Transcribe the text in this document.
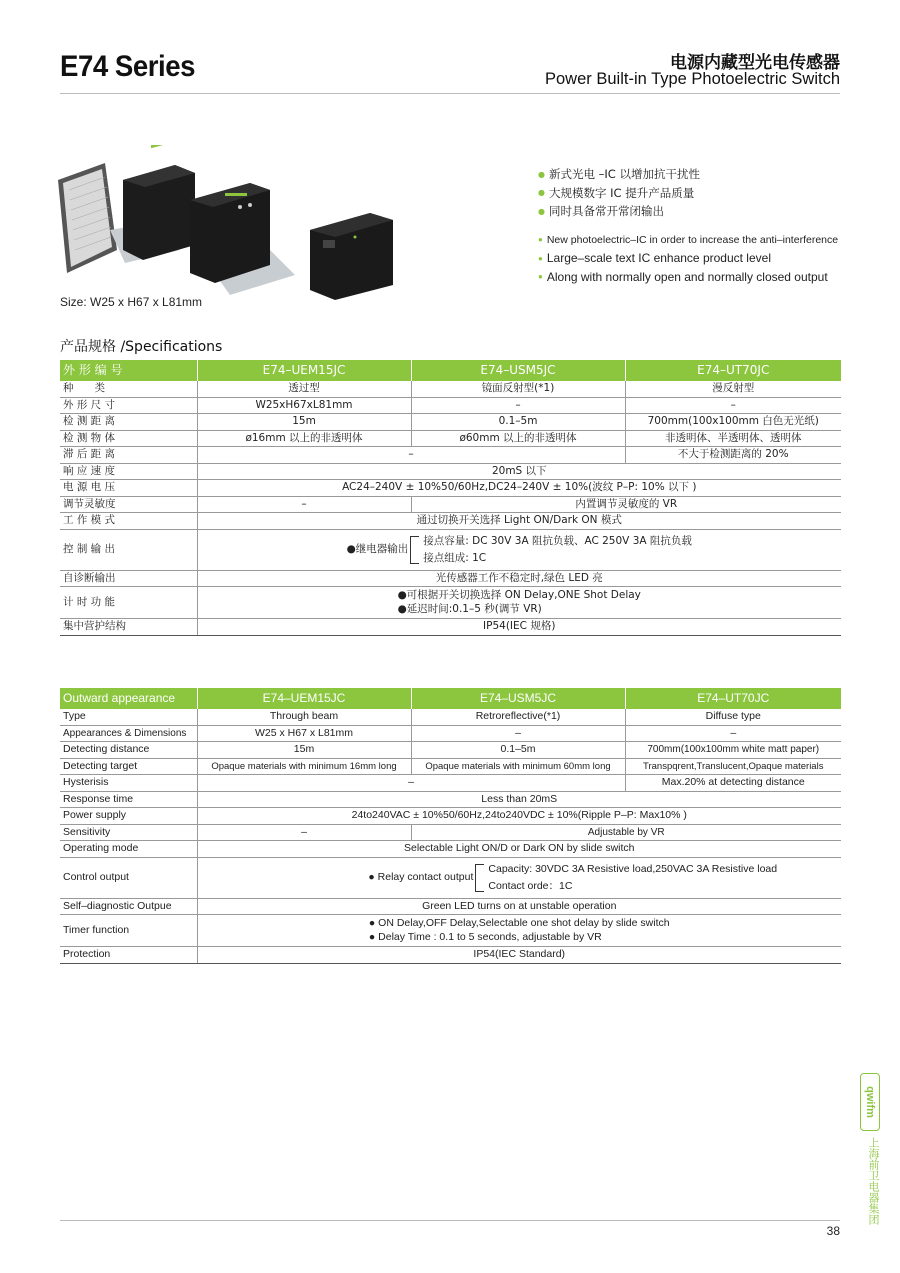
E74 Series	电源内藏型光电传感器
Power Built-in Type Photoelectric Switch
Size: W25 x H67 x L81mm
● 新式光电 –IC 以增加抗干扰性
● 大规模数字 IC 提升产品质量
● 同时具备常开常闭输出
● New photoelectric–IC in order to increase the anti–interference
● Large–scale text IC enhance product level
● Along with normally open and normally closed output
产品规格 /Specifications
外 形 编 号	E74–UEM15JC	E74–USM5JC	E74–UT70JC
种　　类	透过型	镜面反射型(*1)	漫反射型
外 形 尺 寸	W25xH67xL81mm	–	–
检 测 距 离	15m	0.1–5m	700mm(100x100mm 白色无光纸)
检 测 物 体	ø16mm 以上的非透明体	ø60mm 以上的非透明体	非透明体、半透明体、透明体
滞 后 距 离	–		不大于检测距离的 20%
响 应 速 度	20mS 以下		
电 源 电 压	AC24–240V ± 10%50/60Hz,DC24–240V ± 10%(波纹 P–P: 10% 以下 )		
调节灵敏度	–	内置调节灵敏度的 VR	
工 作 模 式	通过切换开关选择 Light ON/Dark ON 模式		
控 制 输 出	●继电器输出
接点容量: DC 30V 3A 阻抗负载、AC 250V 3A 阻抗负载
接点组成: 1C		

自诊断输出	光传感器工作不稳定时,绿色 LED 亮		
计 时 功 能	●可根据开关切换选择 ON Delay,ONE Shot Delay
●延迟时间:0.1–5 秒(调节 VR)		
集中营护结构	IP54(IEC 规格)		
Outward appearance	E74–UEM15JC	E74–USM5JC	E74–UT70JC
Type	Through beam	Retroreflective(*1)	Diffuse type
Appearances & Dimensions	W25 x H67 x L81mm	–	–
Detecting distance	15m	0.1–5m	700mm(100x100mm white matt paper)
Detecting target	Opaque materials with minimum 16mm long	Opaque materials with minimum 60mm long	Transpqrent,Translucent,Opaque materials
Hysterisis	–		Max.20% at detecting distance
Response time	Less than 20mS		
Power supply	24to240VAC ± 10%50/60Hz,24to240VDC ± 10%(Ripple P–P: Max10% )		
Sensitivity	–	Adjustable by VR	
Operating mode	Selectable Light ON/D or Dark ON by slide switch		
Control output	● Relay contact output
Capacity: 30VDC 3A Resistive load,250VAC 3A Resistive load
Contact orde：1C		

Self–diagnostic Outpue	Green LED turns on at unstable operation		
Timer function	● ON Delay,OFF Delay,Selectable one shot delay by slide switch
● Delay Time : 0.1 to 5 seconds, adjustable by VR		
Protection	IP54(IEC Standard)		
qwifm
上海前卫电器集团
38
